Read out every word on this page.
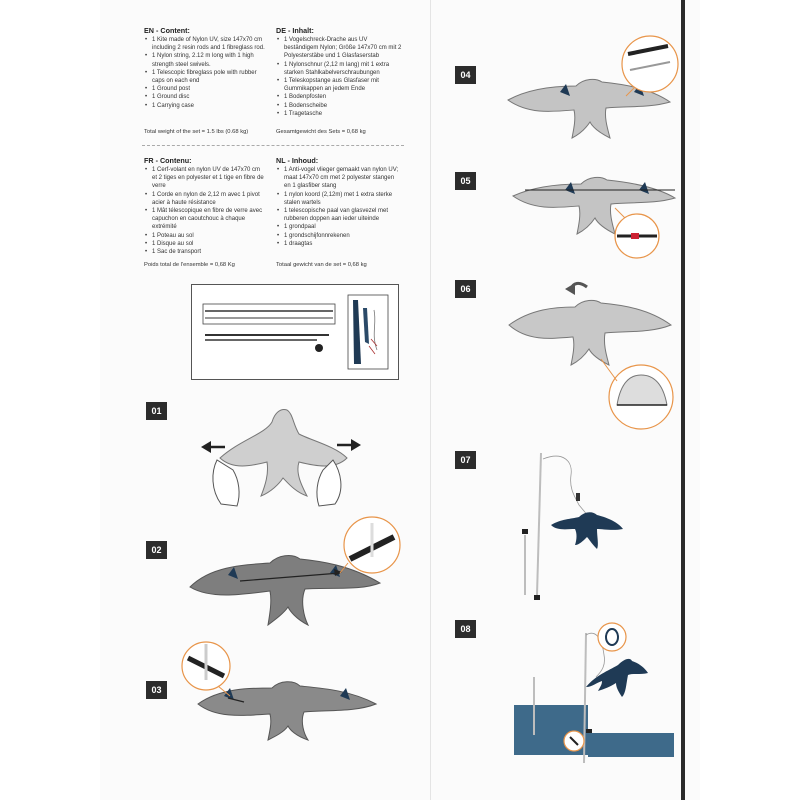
EN - Content:
• 1 Kite made of Nylon UV, size 147x70 cm including 2 resin rods and 1 fibreglass rod.
• 1 Nylon string, 2.12 m long with 1 high strength steel swivels.
• 1 Telescopic fibreglass pole with rubber caps on each end
• 1 Ground post
• 1 Ground disc
• 1 Carrying case
Total weight of the set = 1.5 lbs (0.68 kg)
DE - Inhalt:
• 1 Vogelschreck-Drache aus UV beständigem Nylon; Größe 147x70 cm mit 2 Polyesterstäbe und 1 Glasfaserstab
• 1 Nylonschnur (2,12 m lang) mit 1 extra starken Stahlkabelverschraubungen
• 1 Teleskopstange aus Glasfaser mit Gummikappen an jedem Ende
• 1 Bodenpfosten
• 1 Bodenscheibe
• 1 Tragetasche
Gesamtgewicht des Sets = 0,68 kg
FR - Contenu:
• 1 Cerf-volant en nylon UV de 147x70 cm et 2 tiges en polyester et 1 tige en fibre de verre
• 1 Corde en nylon de 2,12 m avec 1 pivot acier à haute résistance
• 1 Mât télescopique en fibre de verre avec capuchon en caoutchouc à chaque extrémité
• 1 Poteau au sol
• 1 Disque au sol
• 1 Sac de transport
Poids total de l'ensemble = 0,68 Kg
NL - Inhoud:
• 1 Anti-vogel vlieger gemaakt van nylon UV; maat 147x70 cm met 2 polyester stangen en 1 glasfiber stang
• 1 nylon koord (2,12m) met 1 extra sterke stalen wartels
• 1 telescopische paal van glasvezel met rubberen doppen aan ieder uiteinde
• 1 grondpaal
• 1 grondschijfonnrekenen
• 1 draagtas
Totaal gewicht van de set = 0,68 kg
01
02
03
04
05
06
07
08
